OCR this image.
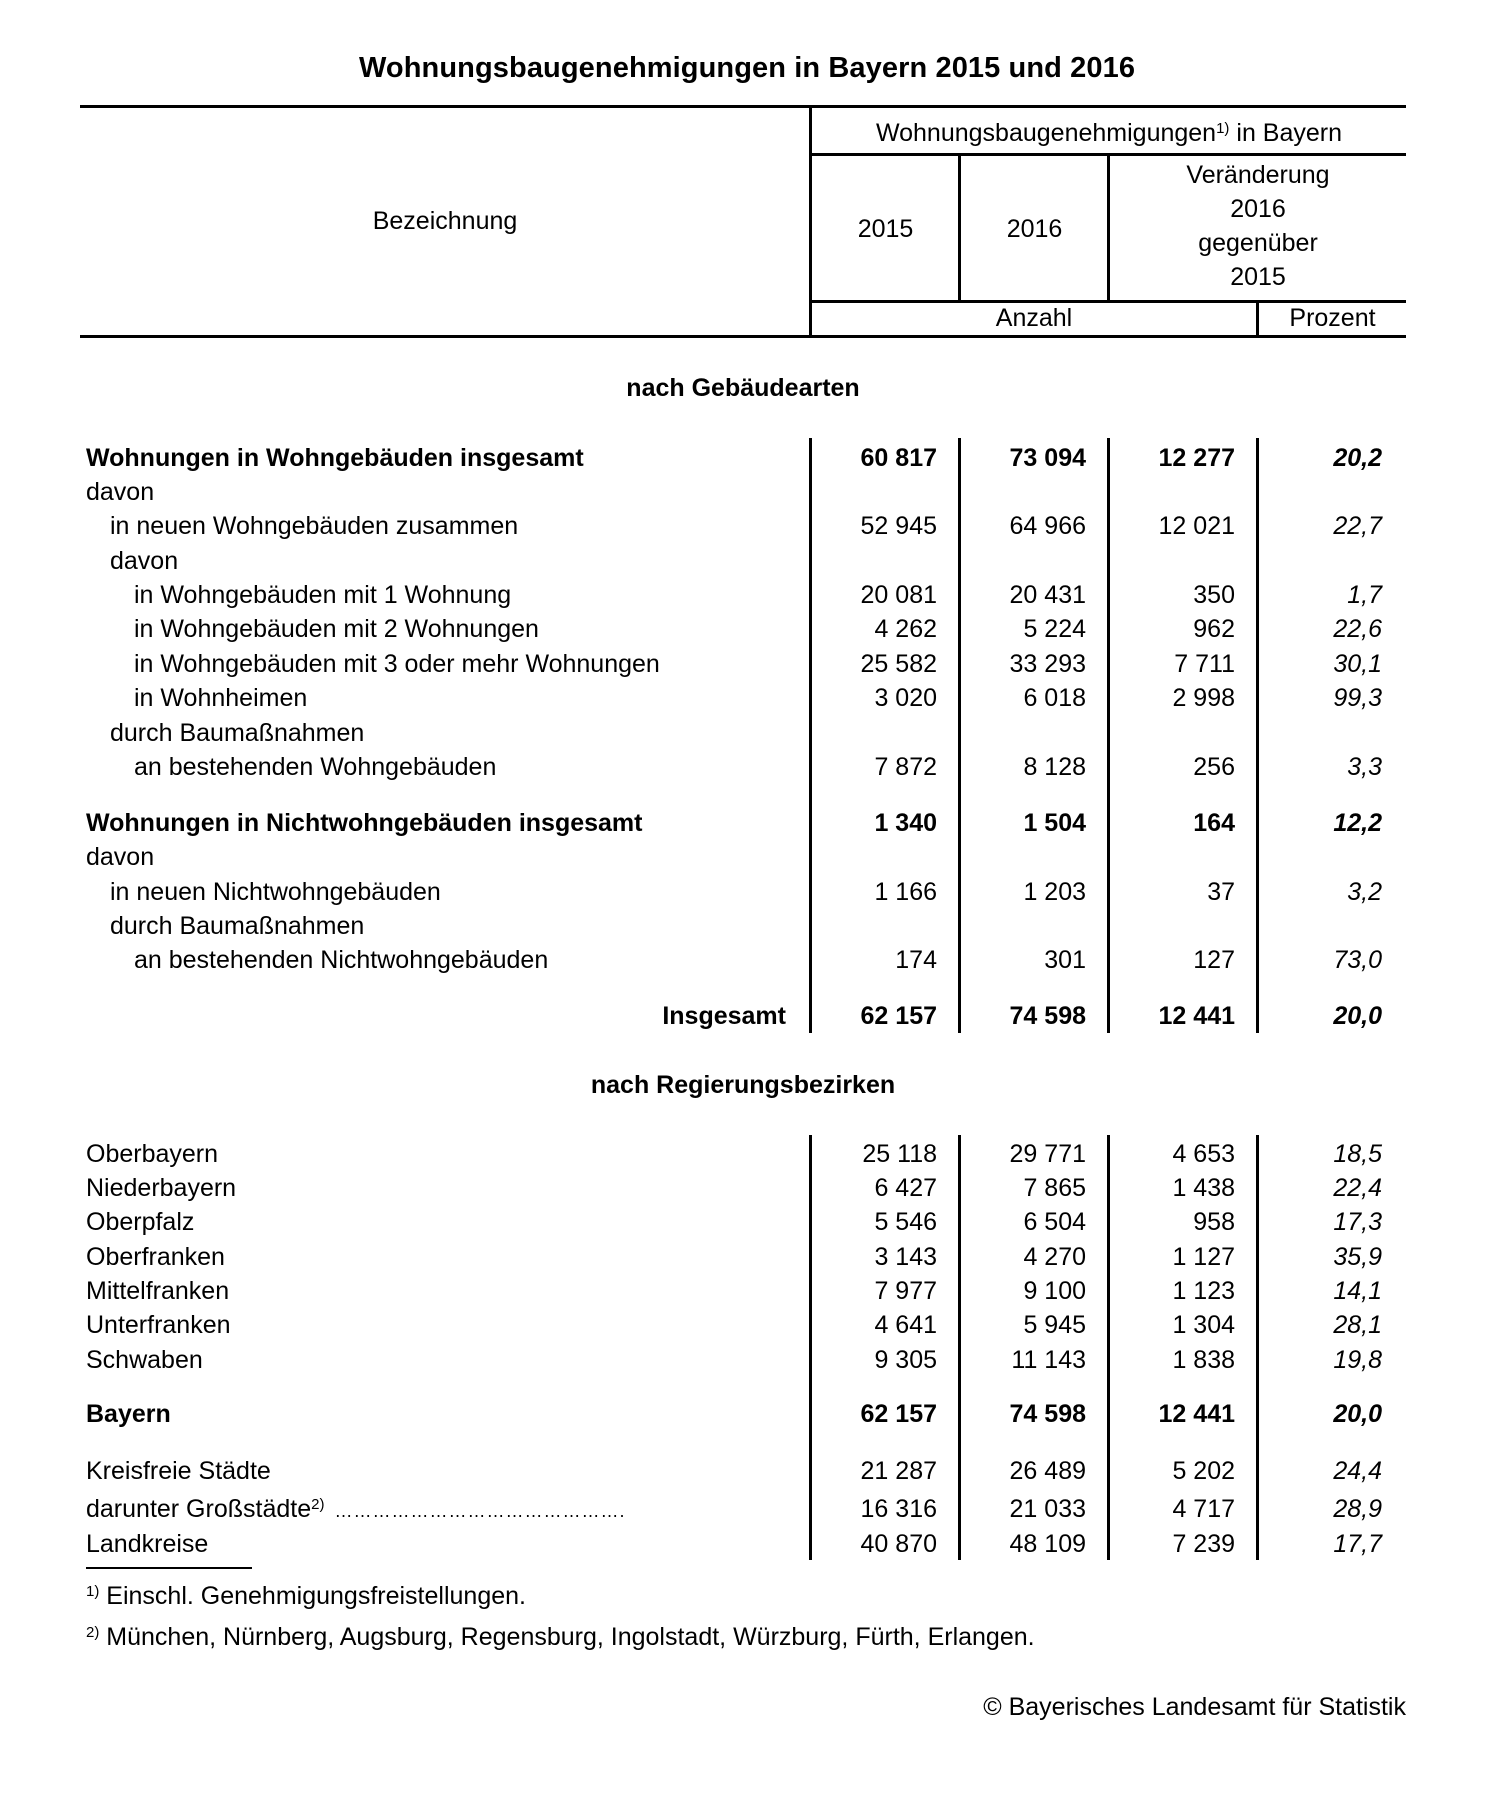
Wohnungsbaugenehmigungen in Bayern 2015 und 2016
Bezeichnung
Wohnungsbaugenehmigungen$^{1)}$ in Bayern
2015	2016
Veränderung
2016
gegenüber
2015
Anzahl	Prozent
nach Gebäudearten
nach Regierungsbezirken
Wohnungen in Wohngebäuden insgesamt	60 817	73 094	12 277	20,2
davon
in neuen Wohngebäuden zusammen	52 945	64 966	12 021	22,7
davon
in Wohngebäuden mit 1 Wohnung	20 081	20 431	350	1,7
in Wohngebäuden mit 2 Wohnungen	4 262	5 224	962	22,6
in Wohngebäuden mit 3 oder mehr Wohnungen	25 582	33 293	7 711	30,1
in Wohnheimen	3 020	6 018	2 998	99,3
durch Baumaßnahmen
an bestehenden Wohngebäuden	7 872	8 128	256	3,3
Wohnungen in Nichtwohngebäuden insgesamt	1 340	1 504	164	12,2
davon
in neuen Nichtwohngebäuden	1 166	1 203	37	3,2
durch Baumaßnahmen
an bestehenden Nichtwohngebäuden	174	301	127	73,0
Insgesamt	62 157	74 598	12 441	20,0
Oberbayern	25 118	29 771	4 653	18,5
Niederbayern	6 427	7 865	1 438	22,4
Oberpfalz	5 546	6 504	958	17,3
Oberfranken	3 143	4 270	1 127	35,9
Mittelfranken	7 977	9 100	1 123	14,1
Unterfranken	4 641	5 945	1 304	28,1
Schwaben	9 305	11 143	1 838	19,8
Bayern	62 157	74 598	12 441	20,0
Kreisfreie Städte	21 287	26 489	5 202	24,4
darunter Großstädte$^{2)}$ ……………………………………….	16 316	21 033	4 717	28,9
Landkreise	40 870	48 109	7 239	17,7
$^{1)}$ Einschl. Genehmigungsfreistellungen.
$^{2)}$ München, Nürnberg, Augsburg, Regensburg, Ingolstadt, Würzburg, Fürth, Erlangen.
© Bayerisches Landesamt für Statistik
